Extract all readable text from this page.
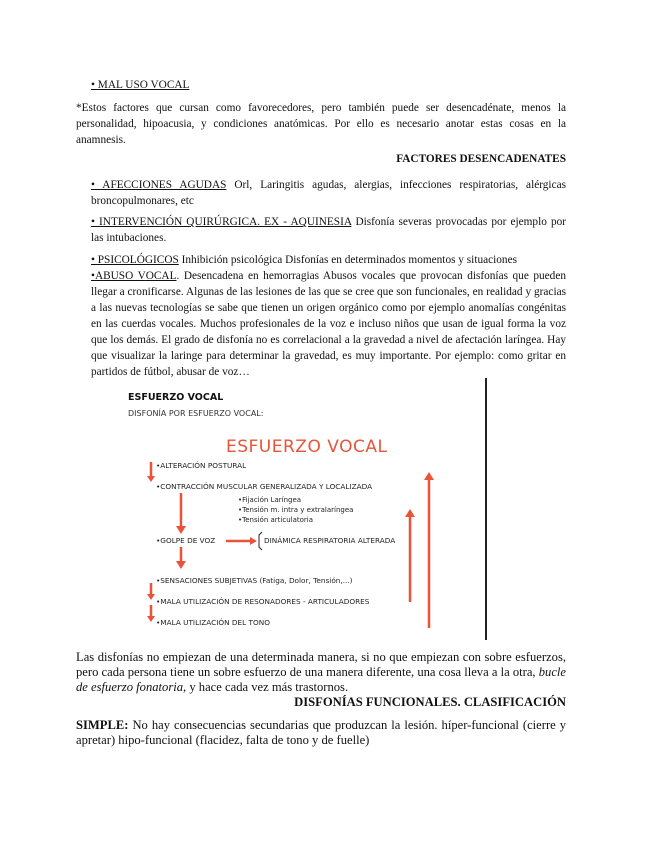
• MAL USO VOCAL
*Estos factores que cursan como favorecedores, pero también puede ser desencadénate, menos la personalidad, hipoacusia, y condiciones anatómicas. Por ello es necesario anotar estas cosas en la anamnesis.
FACTORES DESENCADENATES
• AFECCIONES AGUDAS Orl, Laringitis agudas, alergias, infecciones respiratorias, alérgicas broncopulmonares, etc
• INTERVENCIÓN QUIRÚRGICA. EX - AQUINESIA Disfonía severas provocadas por ejemplo por las intubaciones.
• PSICOLÓGICOS Inhibición psicológica Disfonías en determinados momentos y situaciones
•ABUSO VOCAL. Desencadena en hemorragias Abusos vocales que provocan disfonías que pueden llegar a cronificarse. Algunas de las lesiones de las que se cree que son funcionales, en realidad y gracias a las nuevas tecnologías se sabe que tienen un origen orgánico como por ejemplo anomalías congénitas en las cuerdas vocales. Muchos profesionales de la voz e incluso niños que usan de igual forma la voz que los demás. El grado de disfonía no es correlacional a la gravedad a nivel de afectación laríngea. Hay que visualizar la laringe para determinar la gravedad, es muy importante. Por ejemplo: como gritar en partidos de fútbol, abusar de voz…
ESFUERZO VOCAL
DISFONÍA POR ESFUERZO VOCAL:
ESFUERZO VOCAL
•ALTERACIÓN POSTURAL
•CONTRACCIÓN MUSCULAR GENERALIZADA Y LOCALIZADA
•Fijación Laríngea
•Tensión m. intra y extralaríngea
•Tensión articulatoria
•GOLPE DE VOZ	DINÁMICA RESPIRATORIA ALTERADA
•SENSACIONES SUBJETIVAS (Fatiga, Dolor, Tensión,...)
•MALA UTILIZACIÓN DE RESONADORES - ARTICULADORES
•MALA UTILIZACIÓN DEL TONO
Las disfonías no empiezan de una determinada manera, si no que empiezan con sobre esfuerzos, pero cada persona tiene un sobre esfuerzo de una manera diferente, una cosa lleva a la otra, bucle de esfuerzo fonatoria, y hace cada vez más trastornos.
DISFONÍAS FUNCIONALES. CLASIFICACIÓN
SIMPLE: No hay consecuencias secundarias que produzcan la lesión. híper-funcional (cierre y apretar) hipo-funcional (flacidez, falta de tono y de fuelle)
